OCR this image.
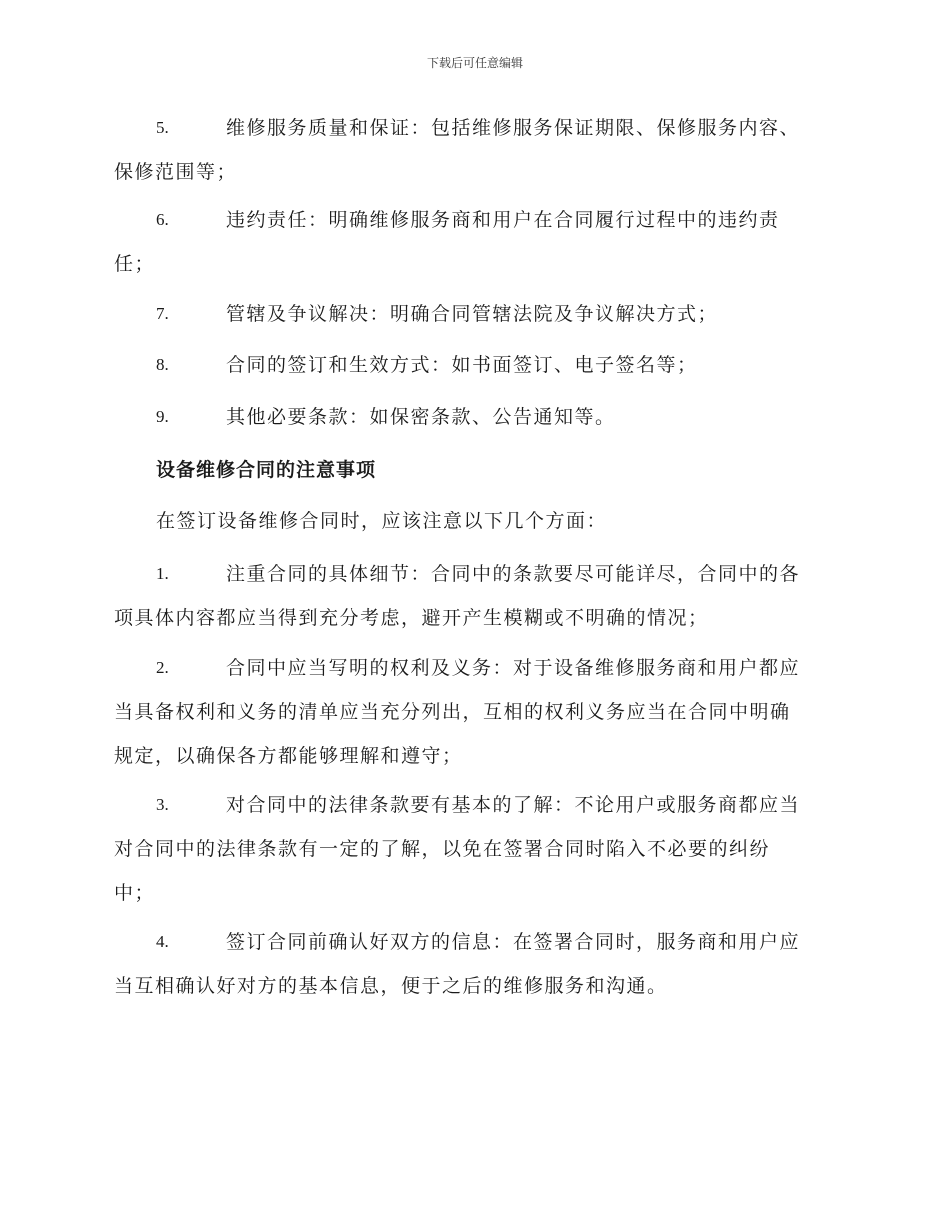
下载后可任意编辑
5.	维修服务质量和保证：包括维修服务保证期限、保修服务内容、
保修范围等；
6.	违约责任：明确维修服务商和用户在合同履行过程中的违约责
任；
7.	管辖及争议解决：明确合同管辖法院及争议解决方式；
8.	合同的签订和生效方式：如书面签订、电子签名等；
9.	其他必要条款：如保密条款、公告通知等。
设备维修合同的注意事项
在签订设备维修合同时，应该注意以下几个方面：
1.	注重合同的具体细节：合同中的条款要尽可能详尽，合同中的各
项具体内容都应当得到充分考虑，避开产生模糊或不明确的情况；
2.	合同中应当写明的权利及义务：对于设备维修服务商和用户都应
当具备权利和义务的清单应当充分列出，互相的权利义务应当在合同中明确
规定，以确保各方都能够理解和遵守；
3.	对合同中的法律条款要有基本的了解：不论用户或服务商都应当
对合同中的法律条款有一定的了解，以免在签署合同时陷入不必要的纠纷
中；
4.	签订合同前确认好双方的信息：在签署合同时，服务商和用户应
当互相确认好对方的基本信息，便于之后的维修服务和沟通。
